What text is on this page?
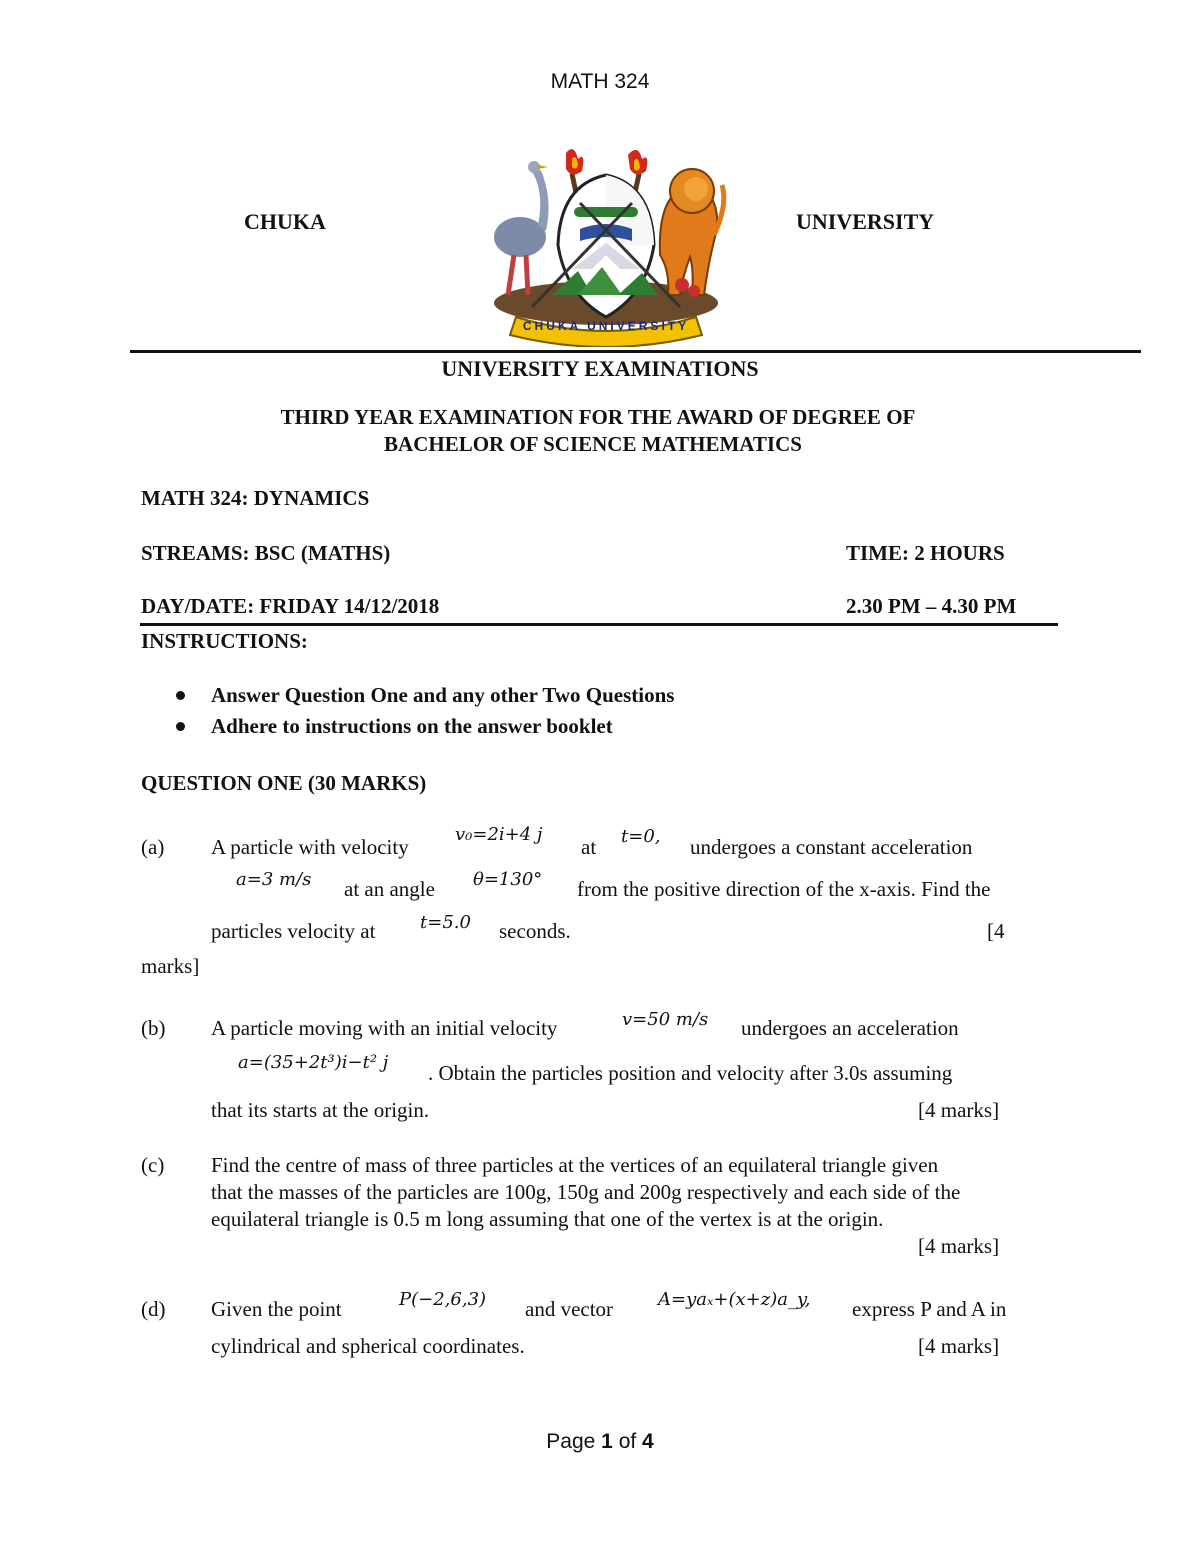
MATH 324
CHUKA	UNIVERSITY
CHUKA UNIVERSITY
UNIVERSITY EXAMINATIONS
THIRD YEAR EXAMINATION FOR THE AWARD OF DEGREE OF
BACHELOR OF SCIENCE MATHEMATICS
MATH 324: DYNAMICS
STREAMS: BSC (MATHS)	TIME: 2 HOURS
DAY/DATE: FRIDAY 14/12/2018	2.30 PM – 4.30 PM
INSTRUCTIONS:
Answer Question One and any other Two Questions
Adhere to instructions on the answer booklet
QUESTION ONE (30 MARKS)
(a) A particle with velocity
v₀=2i+4 j
at t=0, undergoes a constant acceleration
a=3 m/s at an angle θ=130° from the positive direction of the x-axis. Find the
particles velocity at t=5.0 seconds.	[4
marks]
(b) A particle moving with an initial velocity	v=50 m/s undergoes an acceleration
a=(35+2t³)i−t² j . Obtain the particles position and velocity after 3.0s assuming
that its starts at the origin.	[4 marks]
(c) Find the centre of mass of three particles at the vertices of an equilateral triangle given
that the masses of the particles are 100g, 150g and 200g respectively and each side of the
equilateral triangle is 0.5 m long assuming that one of the vertex is at the origin.
[4 marks]
(d) Given the point	P(−2,6,3) and vector A=yaₓ+(x+z)a_y, express P and A in
cylindrical and spherical coordinates.	[4 marks]
Page 1 of 4
